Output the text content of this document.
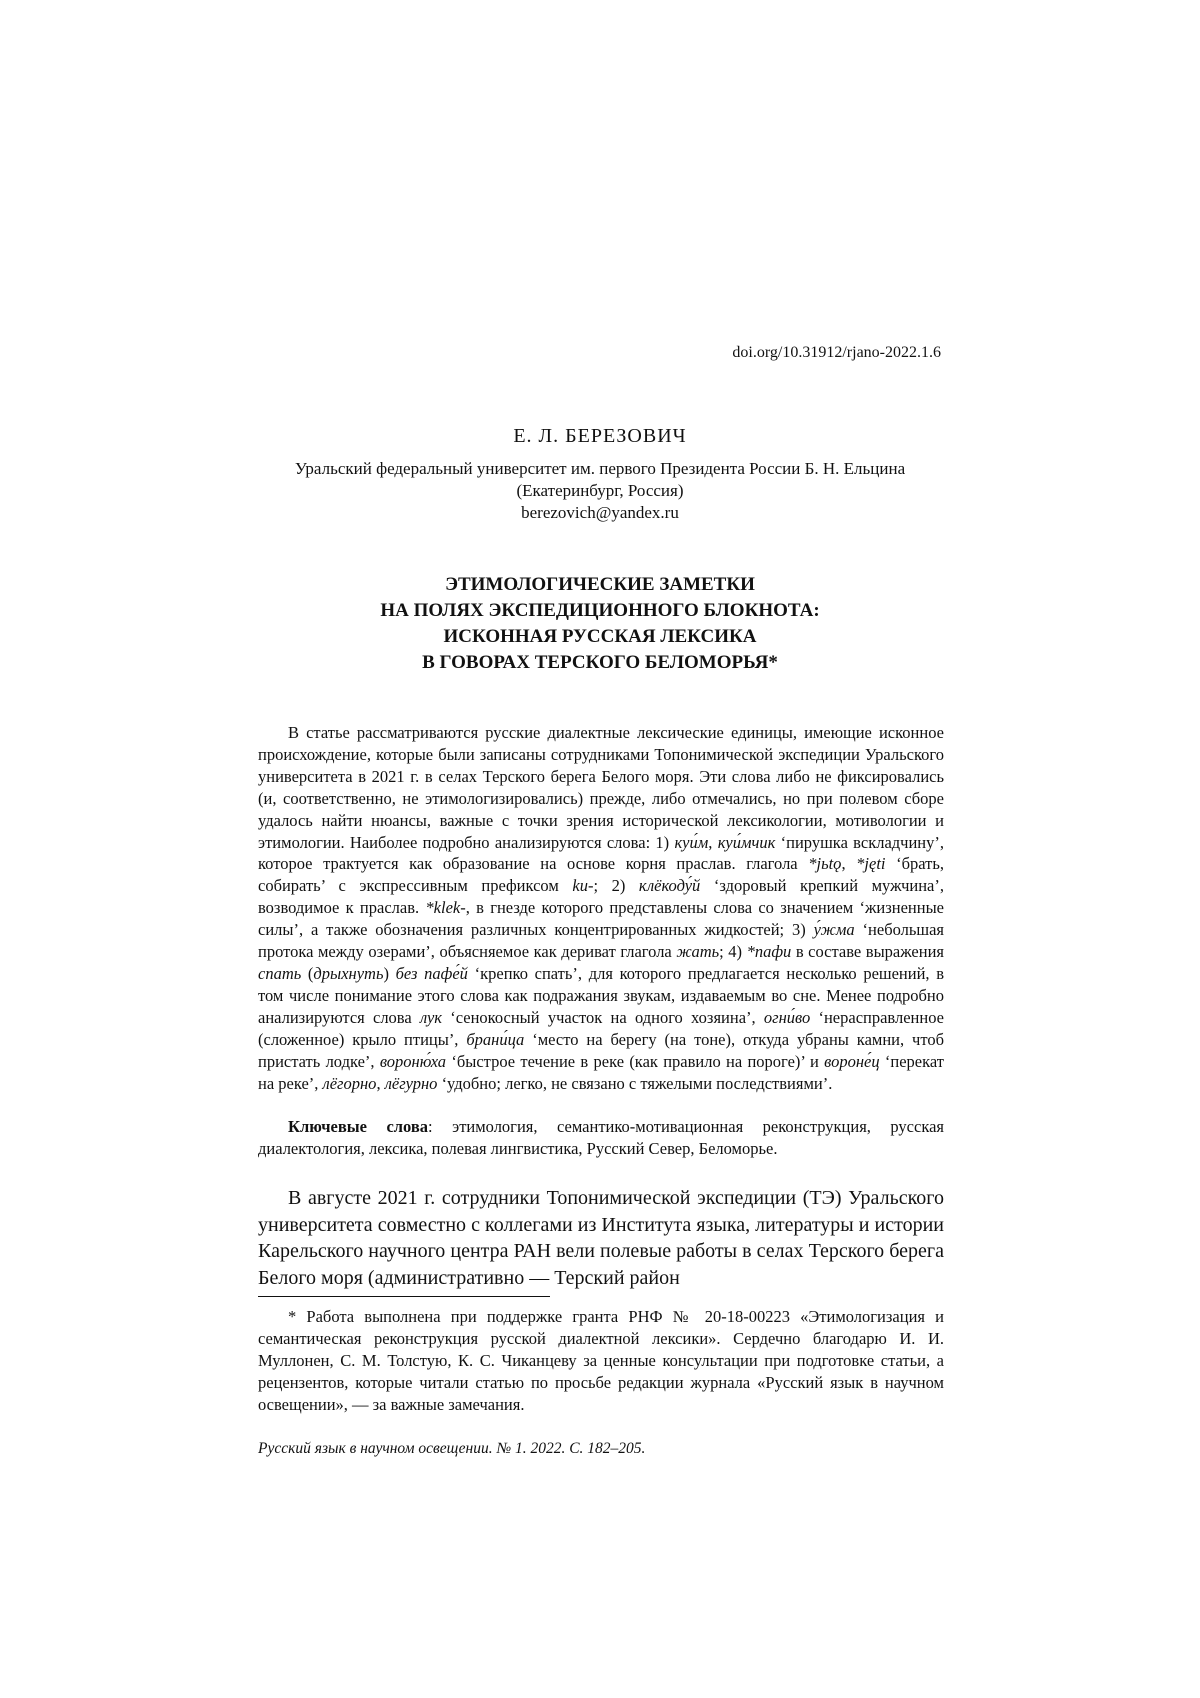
doi.org/10.31912/rjano-2022.1.6
Е. Л. БЕРЕЗОВИЧ
Уральский федеральный университет им. первого Президента России Б. Н. Ельцина
(Екатеринбург, Россия)
berezovich@yandex.ru
ЭТИМОЛОГИЧЕСКИЕ ЗАМЕТКИ
НА ПОЛЯХ ЭКСПЕДИЦИОННОГО БЛОКНОТА:
ИСКОННАЯ РУССКАЯ ЛЕКСИКА
В ГОВОРАХ ТЕРСКОГО БЕЛОМОРЬЯ*
В статье рассматриваются русские диалектные лексические единицы, имеющие исконное происхождение, которые были записаны сотрудниками Топонимической экспедиции Уральского университета в 2021 г. в селах Терского берега Белого моря. Эти слова либо не фиксировались (и, соответственно, не этимологизировались) прежде, либо отмечались, но при полевом сборе удалось найти нюансы, важные с точки зрения исторической лексикологии, мотивологии и этимологии. Наиболее подробно анализируются слова: 1) куи́м, куи́мчик ‘пирушка вскладчину’, которое трактуется как образование на основе корня праслав. глагола *jьtǫ, *jęti ‘брать, собирать’ с экспрессивным префиксом ku-; 2) клёкоду́й ‘здоровый крепкий мужчина’, возводимое к праслав. *klek-, в гнезде которого представлены слова со значением ‘жизненные силы’, а также обозначения различных концентрированных жидкостей; 3) у́жма ‘небольшая протока между озерами’, объясняемое как дериват глагола жать; 4) *пафи в составе выражения спать (дрыхнуть) без пафе́й ‘крепко спать’, для которого предлагается несколько решений, в том числе понимание этого слова как подражания звукам, издаваемым во сне. Менее подробно анализируются слова лук ‘сенокосный участок на одного хозяина’, огни́во ‘нерасправленное (сложенное) крыло птицы’, брани́ца ‘место на берегу (на тоне), откуда убраны камни, чтоб пристать лодке’, вороню́ха ‘быстрое течение в реке (как правило на пороге)’ и вороне́ц ‘перекат на реке’, лёгорно, лёгурно ‘удобно; легко, не связано с тяжелыми последствиями’.
Ключевые слова: этимология, семантико-мотивационная реконструкция, русская диалектология, лексика, полевая лингвистика, Русский Север, Беломорье.
В августе 2021 г. сотрудники Топонимической экспедиции (ТЭ) Уральского университета совместно с коллегами из Института языка, литературы и истории Карельского научного центра РАН вели полевые работы в селах Терского берега Белого моря (административно — Терский район
* Работа выполнена при поддержке гранта РНФ № 20-18-00223 «Этимологизация и семантическая реконструкция русской диалектной лексики». Сердечно благодарю И. И. Муллонен, С. М. Толстую, К. С. Чиканцеву за ценные консультации при подготовке статьи, а рецензентов, которые читали статью по просьбе редакции журнала «Русский язык в научном освещении», — за важные замечания.
Русский язык в научном освещении. № 1. 2022. С. 182–205.
